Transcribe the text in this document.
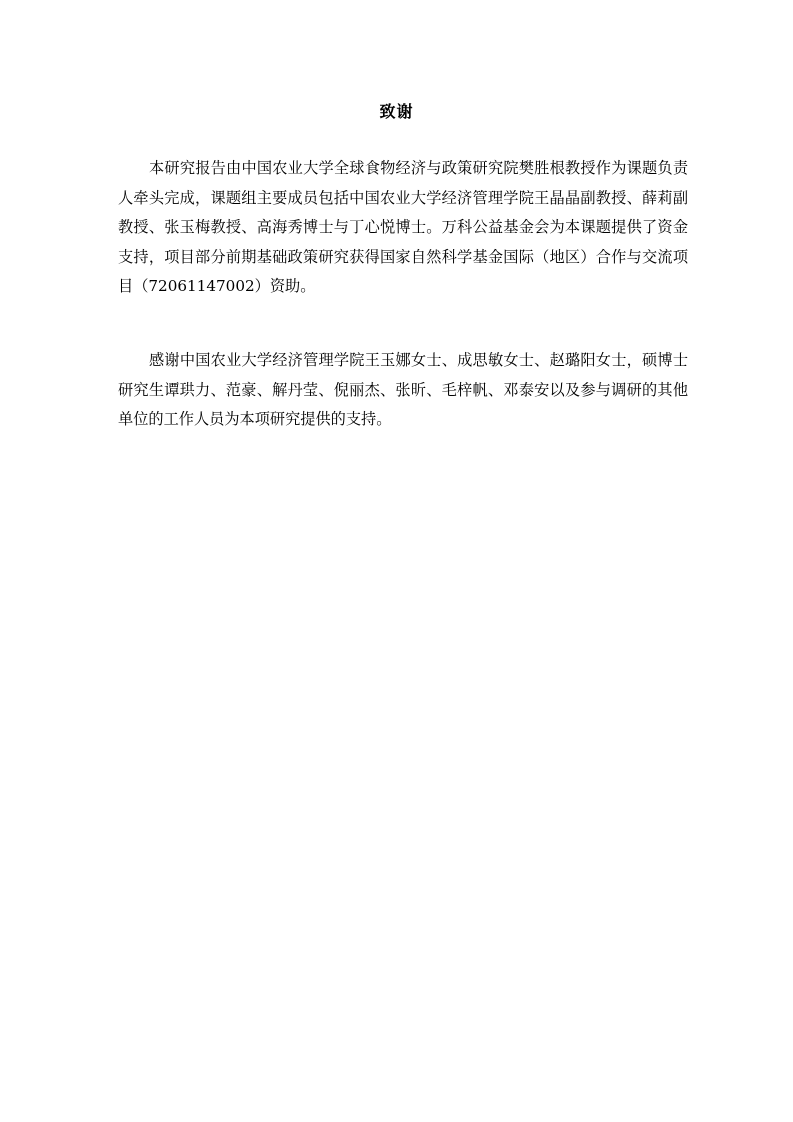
致谢

本研究报告由中国农业大学全球食物经济与政策研究院樊胜根教授作为课题负责人牵头完成，课题组主要成员包括中国农业大学经济管理学院王晶晶副教授、薛莉副教授、张玉梅教授、高海秀博士与丁心悦博士。万科公益基金会为本课题提供了资金支持，项目部分前期基础政策研究获得国家自然科学基金国际（地区）合作与交流项目（72061147002）资助。

感谢中国农业大学经济管理学院王玉娜女士、成思敏女士、赵璐阳女士，硕博士研究生谭珙力、范豪、解丹莹、倪丽杰、张昕、毛梓帆、邓泰安以及参与调研的其他单位的工作人员为本项研究提供的支持。
